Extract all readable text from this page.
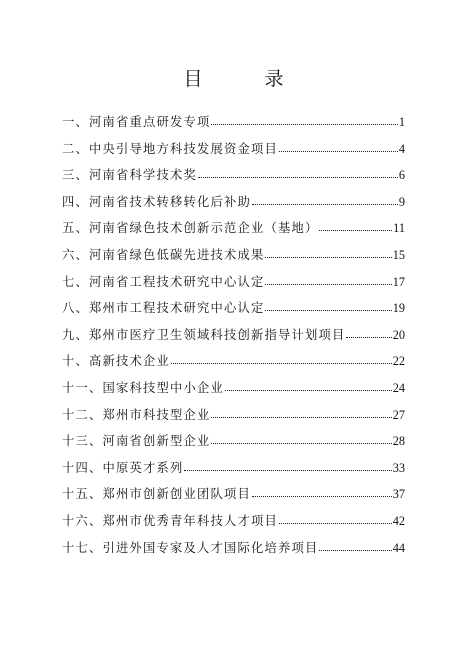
目 录
一、河南省重点研发专项	1
二、中央引导地方科技发展资金项目	4
三、河南省科学技术奖	6
四、河南省技术转移转化后补助	9
五、河南省绿色技术创新示范企业（基地）	11
六、河南省绿色低碳先进技术成果	15
七、河南省工程技术研究中心认定	17
八、郑州市工程技术研究中心认定	19
九、郑州市医疗卫生领域科技创新指导计划项目	20
十、高新技术企业	22
十一、国家科技型中小企业	24
十二、郑州市科技型企业	27
十三、河南省创新型企业	28
十四、中原英才系列	33
十五、郑州市创新创业团队项目	37
十六、郑州市优秀青年科技人才项目	42
十七、引进外国专家及人才国际化培养项目	44
